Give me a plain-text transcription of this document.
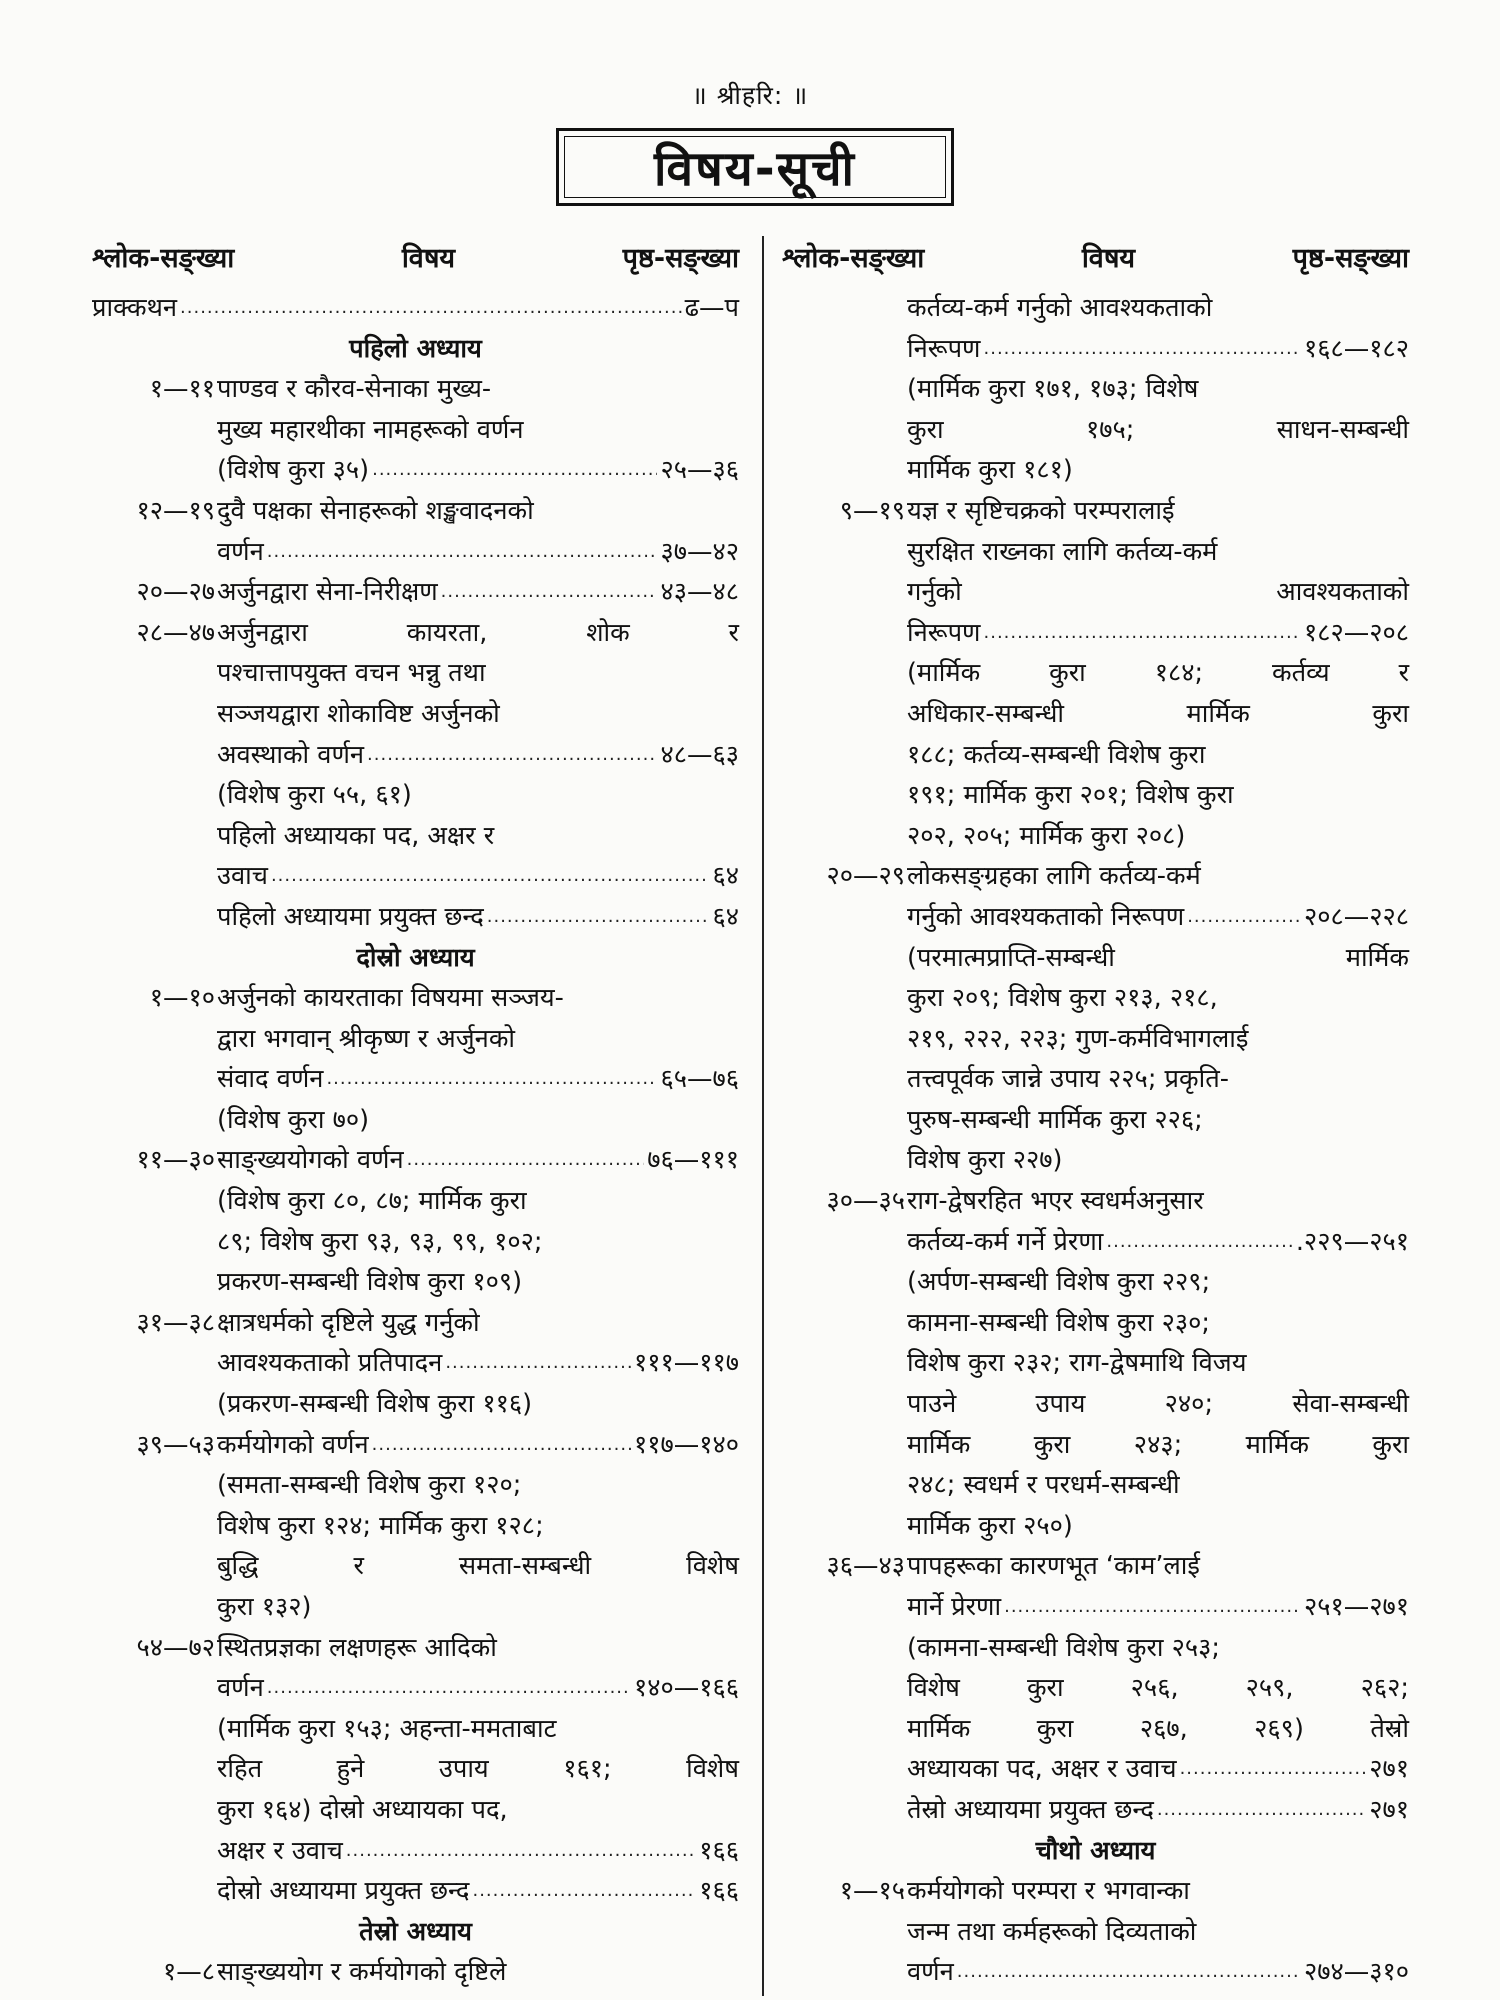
॥ श्रीहरि: ॥
विषय-सूची
श्लोक-सङ्ख्या	विषय	पृष्ठ-सङ्ख्या श्लोक-सङ्ख्या	विषय	पृष्ठ-सङ्ख्या
प्राक्कथन .....	ढ—प
पहिलो अध्याय
१—११ पाण्डव र कौरव-सेनाका मुख्य-
मुख्य महारथीका नामहरूको वर्णन
(विशेष कुरा ३५) .....	२५—३६
१२—१९ दुवै पक्षका सेनाहरूको शङ्खवादनको
वर्णन .....	३७—४२
२०—२७ अर्जुनद्वारा सेना-निरीक्षण .....	४३—४८
२८—४७ अर्जुनद्वारा कायरता, शोक र
पश्चात्तापयुक्त वचन भन्नु तथा
सञ्जयद्वारा शोकाविष्ट अर्जुनको
अवस्थाको वर्णन .....	४८—६३
(विशेष कुरा ५५, ६१)
पहिलो अध्यायका पद, अक्षर र
उवाच .....	६४
पहिलो अध्यायमा प्रयुक्त छन्द .....	६४
दोस्रो अध्याय
१—१० अर्जुनको कायरताका विषयमा सञ्जय-
द्वारा भगवान् श्रीकृष्ण र अर्जुनको
संवाद वर्णन .....	६५—७६
(विशेष कुरा ७०)
११—३० साङ्ख्ययोगको वर्णन .....	७६—१११
(विशेष कुरा ८०, ८७; मार्मिक कुरा
८९; विशेष कुरा ९३, ९३, ९९, १०२;
प्रकरण-सम्बन्धी विशेष कुरा १०९)
३१—३८ क्षात्रधर्मको दृष्टिले युद्ध गर्नुको
आवश्यकताको प्रतिपादन .....	१११—११७
(प्रकरण-सम्बन्धी विशेष कुरा ११६)
३९—५३ कर्मयोगको वर्णन .....	११७—१४०
(समता-सम्बन्धी विशेष कुरा १२०;
विशेष कुरा १२४; मार्मिक कुरा १२८;
बुद्धि र समता-सम्बन्धी विशेष
कुरा १३२)
५४—७२ स्थितप्रज्ञका लक्षणहरू आदिको
वर्णन .....	१४०—१६६
(मार्मिक कुरा १५३; अहन्ता-ममताबाट
रहित हुने उपाय १६१; विशेष
कुरा १६४) दोस्रो अध्यायका पद,
अक्षर र उवाच .....	१६६
दोस्रो अध्यायमा प्रयुक्त छन्द .....	१६६
तेस्रो अध्याय
१—८ साङ्ख्ययोग र कर्मयोगको दृष्टिले
कर्तव्य-कर्म गर्नुको आवश्यकताको
निरूपण .....	१६८—१८२
(मार्मिक कुरा १७१, १७३; विशेष
कुरा १७५; साधन-सम्बन्धी
मार्मिक कुरा १८१)
९—१९ यज्ञ र सृष्टिचक्रको परम्परालाई
सुरक्षित राख्नका लागि कर्तव्य-कर्म
गर्नुको आवश्यकताको
निरूपण .....	१८२—२०८
(मार्मिक कुरा १८४; कर्तव्य र
अधिकार-सम्बन्धी मार्मिक कुरा
१८८; कर्तव्य-सम्बन्धी विशेष कुरा
१९१; मार्मिक कुरा २०१; विशेष कुरा
२०२, २०५; मार्मिक कुरा २०८)
२०—२९ लोकसङ्ग्रहका लागि कर्तव्य-कर्म
गर्नुको आवश्यकताको निरूपण .....	२०८—२२८
(परमात्मप्राप्ति-सम्बन्धी मार्मिक
कुरा २०९; विशेष कुरा २१३, २१८,
२१९, २२२, २२३; गुण-कर्मविभागलाई
तत्त्वपूर्वक जान्ने उपाय २२५; प्रकृति-
पुरुष-सम्बन्धी मार्मिक कुरा २२६;
विशेष कुरा २२७)
३०—३५ राग-द्वेषरहित भएर स्वधर्मअनुसार
कर्तव्य-कर्म गर्ने प्रेरणा .....	.२२९—२५१
(अर्पण-सम्बन्धी विशेष कुरा २२९;
कामना-सम्बन्धी विशेष कुरा २३०;
विशेष कुरा २३२; राग-द्वेषमाथि विजय
पाउने उपाय २४०; सेवा-सम्बन्धी
मार्मिक कुरा २४३; मार्मिक कुरा
२४८; स्वधर्म र परधर्म-सम्बन्धी
मार्मिक कुरा २५०)
३६—४३ पापहरूका कारणभूत ‘काम’लाई
मार्ने प्रेरणा .....	२५१—२७१
(कामना-सम्बन्धी विशेष कुरा २५३;
विशेष कुरा २५६, २५९, २६२;
मार्मिक कुरा २६७, २६९) तेस्रो
अध्यायका पद, अक्षर र उवाच .....	२७१
तेस्रो अध्यायमा प्रयुक्त छन्द .....	२७१
चौथो अध्याय
१—१५ कर्मयोगको परम्परा र भगवान्का
जन्म तथा कर्महरूको दिव्यताको
वर्णन .....	२७४—३१०
